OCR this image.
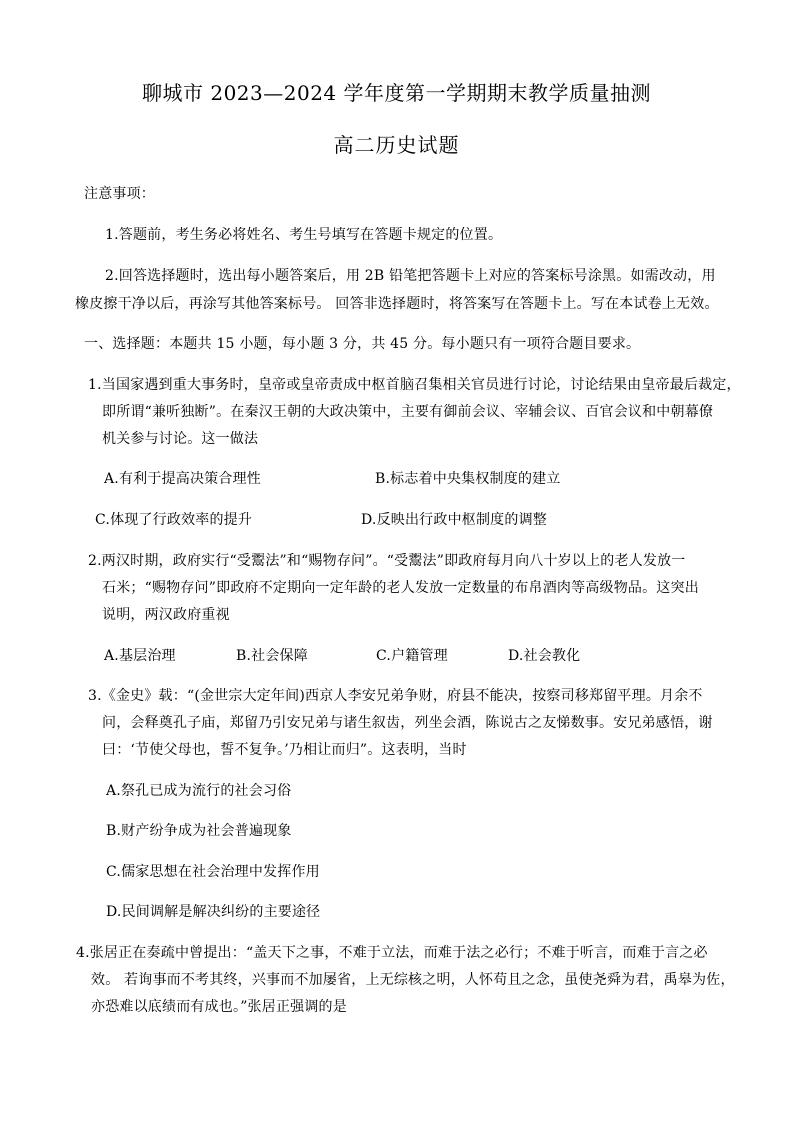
聊城市 2023—2024 学年度第一学期期末教学质量抽测
高二历史试题
注意事项：
1.答题前，考生务必将姓名、考生号填写在答题卡规定的位置。
2.回答选择题时，选出每小题答案后，用 2B 铅笔把答题卡上对应的答案标号涂黑。如需改动，用
橡皮擦干净以后，再涂写其他答案标号。 回答非选择题时，将答案写在答题卡上。写在本试卷上无效。
一、选择题：本题共 15 小题，每小题 3 分，共 45 分。每小题只有一项符合题目要求。
1.当国家遇到重大事务时，皇帝或皇帝责成中枢首脑召集相关官员进行讨论，讨论结果由皇帝最后裁定，
即所谓“兼听独断”。在秦汉王朝的大政决策中，主要有御前会议、宰辅会议、百官会议和中朝幕僚
机关参与讨论。这一做法
A.有利于提高决策合理性	B.标志着中央集权制度的建立
C.体现了行政效率的提升	D.反映出行政中枢制度的调整
2.两汉时期，政府实行“受鬻法”和“赐物存问”。“受鬻法”即政府每月向八十岁以上的老人发放一
石米；“赐物存问”即政府不定期向一定年龄的老人发放一定数量的布帛酒肉等高级物品。这突出
说明，两汉政府重视
A.基层治理	B.社会保障	C.户籍管理	D.社会教化
3.《金史》载：“(金世宗大定年间)西京人李安兄弟争财，府县不能决，按察司移郑留平理。月余不
问，会释奠孔子庙，郑留乃引安兄弟与诸生叙齿，列坐会酒，陈说古之友悌数事。安兄弟感悟，谢
曰：‘节使父母也，誓不复争。’乃相让而归”。这表明，当时
A.祭孔已成为流行的社会习俗
B.财产纷争成为社会普遍现象
C.儒家思想在社会治理中发挥作用
D.民间调解是解决纠纷的主要途径
4.张居正在奏疏中曾提出：“盖天下之事，不难于立法，而难于法之必行；不难于听言，而难于言之必
效。 若询事而不考其终，兴事而不加屡省，上无综核之明，人怀苟且之念，虽使尧舜为君，禹皋为佐，
亦恐难以底绩而有成也。”张居正强调的是
